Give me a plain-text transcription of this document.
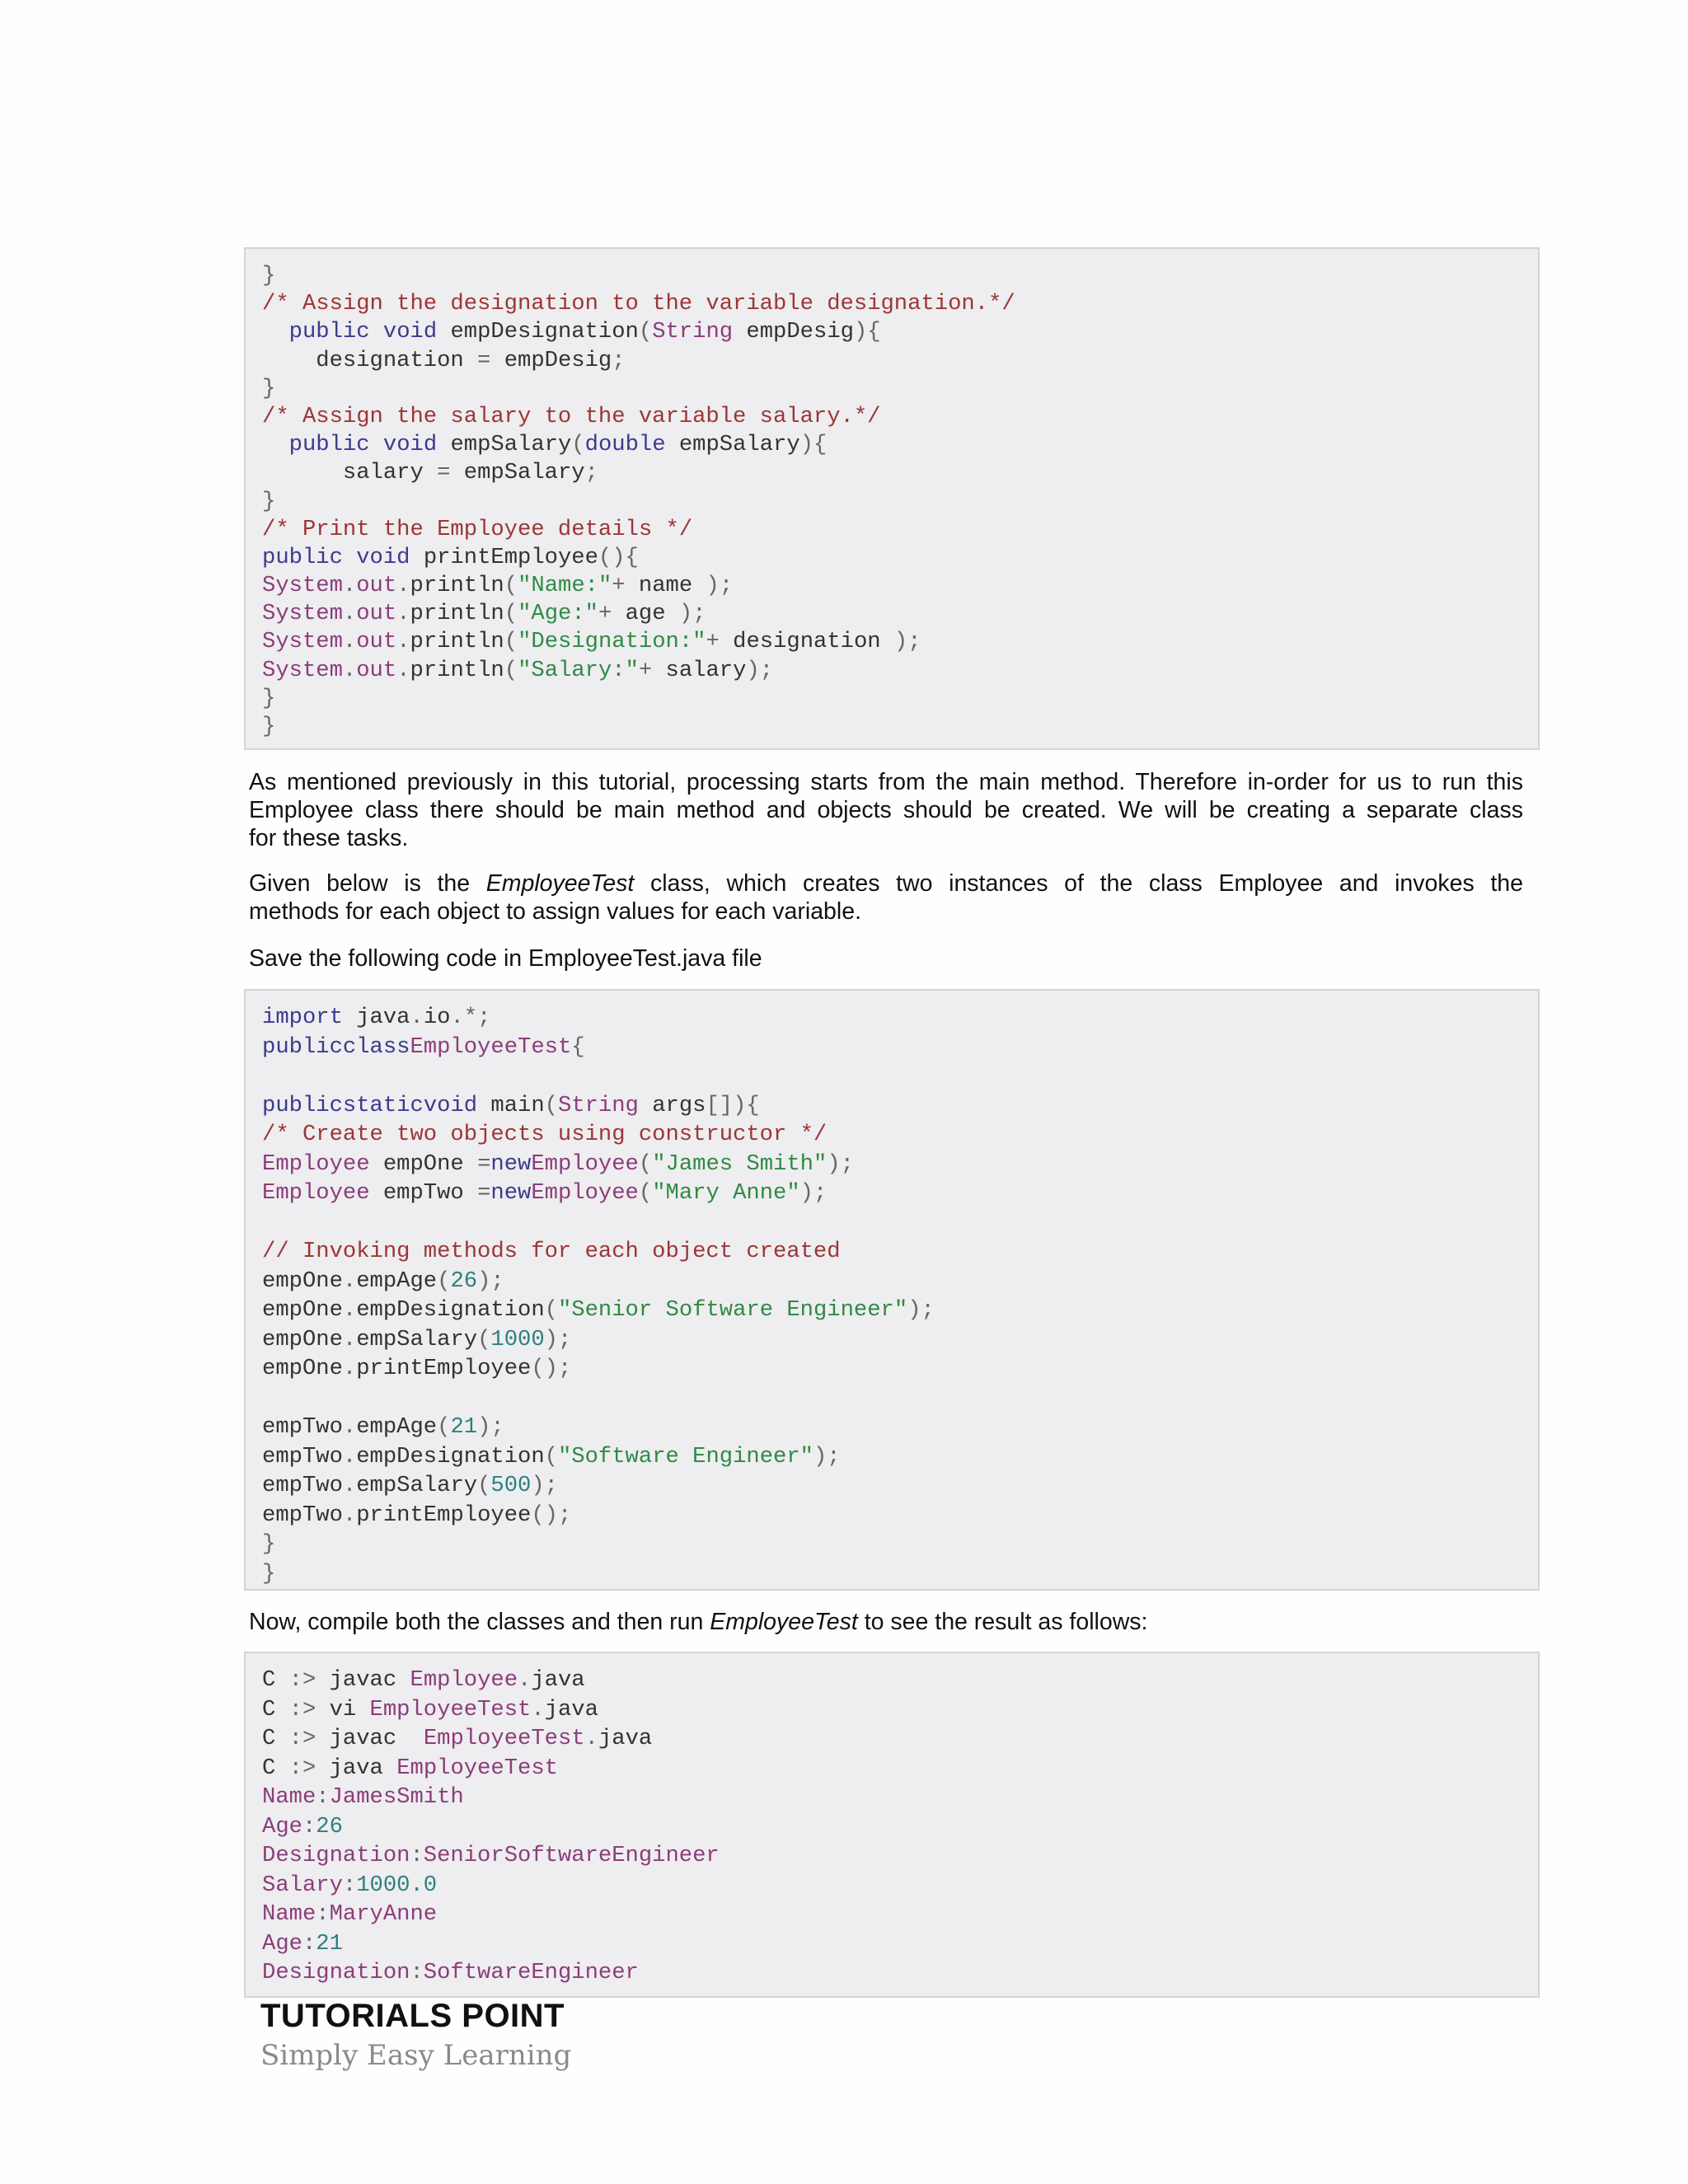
}
/* Assign the designation to the variable designation.*/
public void empDesignation(String empDesig){
designation = empDesig;
}
/* Assign the salary to the variable salary.*/
public void empSalary(double empSalary){
salary = empSalary;
}
/* Print the Employee details */
public void printEmployee(){
System.out.println("Name:"+ name );
System.out.println("Age:"+ age );
System.out.println("Designation:"+ designation );
System.out.println("Salary:"+ salary);
}
}
As mentioned previously in this tutorial, processing starts from the main method. Therefore in-order for us to run this
Employee class there should be main method and objects should be created. We will be creating a separate class
for these tasks.
Given below is the EmployeeTest class, which creates two instances of the class Employee and invokes the
methods for each object to assign values for each variable.
Save the following code in EmployeeTest.java file
import java.io.*;
publicclassEmployeeTest{
publicstaticvoid main(String args[]){
/* Create two objects using constructor */
Employee empOne =newEmployee("James Smith");
Employee empTwo =newEmployee("Mary Anne");
// Invoking methods for each object created
empOne.empAge(26);
empOne.empDesignation("Senior Software Engineer");
empOne.empSalary(1000);
empOne.printEmployee();
empTwo.empAge(21);
empTwo.empDesignation("Software Engineer");
empTwo.empSalary(500);
empTwo.printEmployee();
}
}
Now, compile both the classes and then run EmployeeTest to see the result as follows:
C :> javac Employee.java
C :> vi EmployeeTest.java
C :> javac  EmployeeTest.java
C :> java EmployeeTest
Name:JamesSmith
Age:26
Designation:SeniorSoftwareEngineer
Salary:1000.0
Name:MaryAnne
Age:21
Designation:SoftwareEngineer
TUTORIALS POINT
Simply Easy Learning
